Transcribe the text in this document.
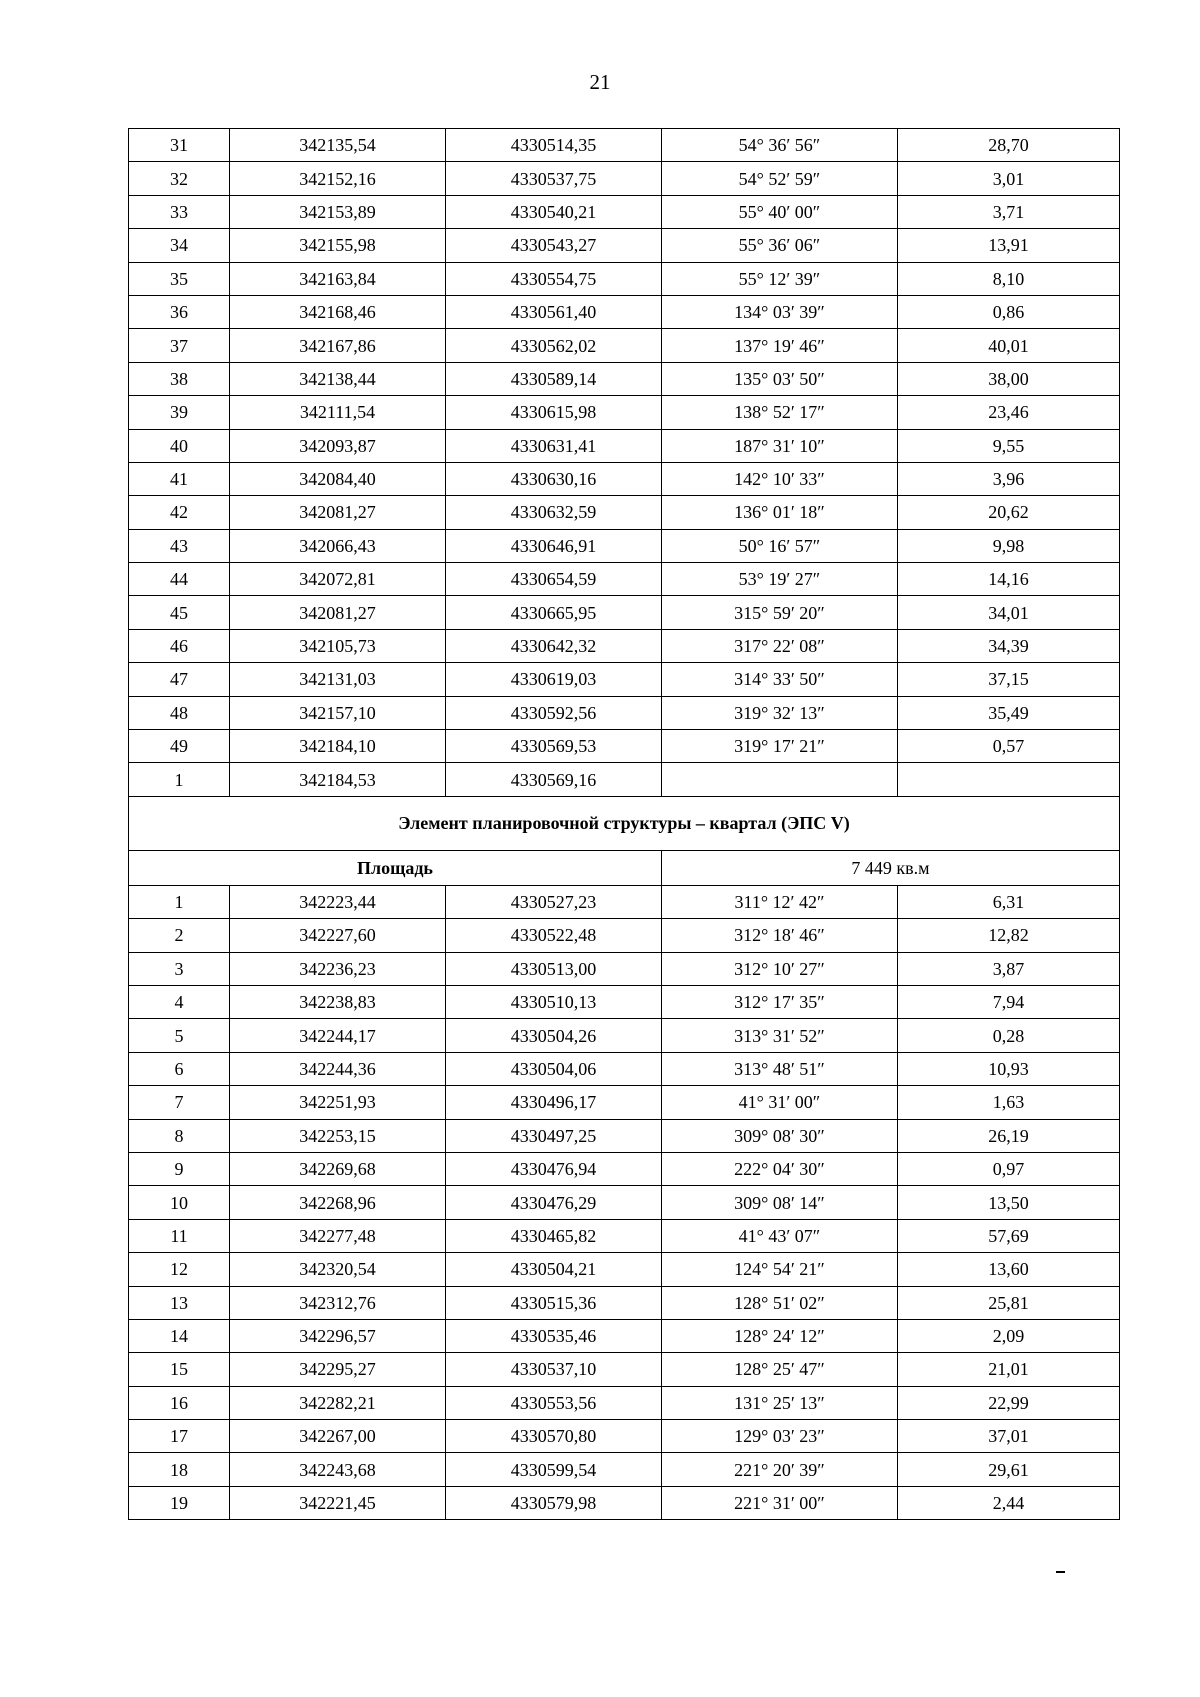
21
31	342135,54	4330514,35	54° 36′ 56″	28,70
32	342152,16	4330537,75	54° 52′ 59″	3,01
33	342153,89	4330540,21	55° 40′ 00″	3,71
34	342155,98	4330543,27	55° 36′ 06″	13,91
35	342163,84	4330554,75	55° 12′ 39″	8,10
36	342168,46	4330561,40	134° 03′ 39″	0,86
37	342167,86	4330562,02	137° 19′ 46″	40,01
38	342138,44	4330589,14	135° 03′ 50″	38,00
39	342111,54	4330615,98	138° 52′ 17″	23,46
40	342093,87	4330631,41	187° 31′ 10″	9,55
41	342084,40	4330630,16	142° 10′ 33″	3,96
42	342081,27	4330632,59	136° 01′ 18″	20,62
43	342066,43	4330646,91	50° 16′ 57″	9,98
44	342072,81	4330654,59	53° 19′ 27″	14,16
45	342081,27	4330665,95	315° 59′ 20″	34,01
46	342105,73	4330642,32	317° 22′ 08″	34,39
47	342131,03	4330619,03	314° 33′ 50″	37,15
48	342157,10	4330592,56	319° 32′ 13″	35,49
49	342184,10	4330569,53	319° 17′ 21″	0,57
1	342184,53	4330569,16		
Элемент планировочной структуры – квартал (ЭПС V)				
Площадь			7 449 кв.м	
1	342223,44	4330527,23	311° 12′ 42″	6,31
2	342227,60	4330522,48	312° 18′ 46″	12,82
3	342236,23	4330513,00	312° 10′ 27″	3,87
4	342238,83	4330510,13	312° 17′ 35″	7,94
5	342244,17	4330504,26	313° 31′ 52″	0,28
6	342244,36	4330504,06	313° 48′ 51″	10,93
7	342251,93	4330496,17	41° 31′ 00″	1,63
8	342253,15	4330497,25	309° 08′ 30″	26,19
9	342269,68	4330476,94	222° 04′ 30″	0,97
10	342268,96	4330476,29	309° 08′ 14″	13,50
11	342277,48	4330465,82	41° 43′ 07″	57,69
12	342320,54	4330504,21	124° 54′ 21″	13,60
13	342312,76	4330515,36	128° 51′ 02″	25,81
14	342296,57	4330535,46	128° 24′ 12″	2,09
15	342295,27	4330537,10	128° 25′ 47″	21,01
16	342282,21	4330553,56	131° 25′ 13″	22,99
17	342267,00	4330570,80	129° 03′ 23″	37,01
18	342243,68	4330599,54	221° 20′ 39″	29,61
19	342221,45	4330579,98	221° 31′ 00″	2,44
